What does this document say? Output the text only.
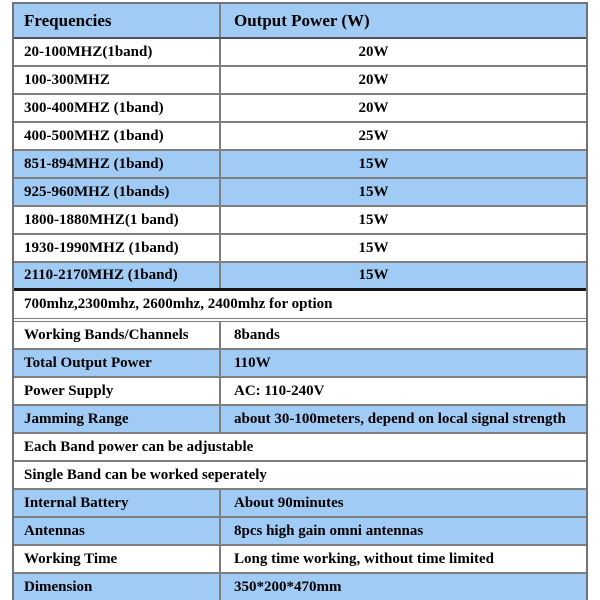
Frequencies	Output Power (W)
20-100MHZ(1band)	20W
100-300MHZ	20W
300-400MHZ (1band)	20W
400-500MHZ (1band)	25W
851-894MHZ (1band)	15W
925-960MHZ (1bands)	15W
1800-1880MHZ(1 band)	15W
1930-1990MHZ (1band)	15W
2110-2170MHZ (1band)	15W
700mhz,2300mhz, 2600mhz, 2400mhz for option
Working Bands/Channels	8bands
Total Output Power	110W
Power Supply	AC: 110-240V
Jamming Range	about 30-100meters, depend on local signal strength
Each Band power can be adjustable
Single Band can be worked seperately
Internal Battery	About 90minutes
Antennas	8pcs high gain omni antennas
Working Time	Long time working, without time limited
Dimension	350*200*470mm
